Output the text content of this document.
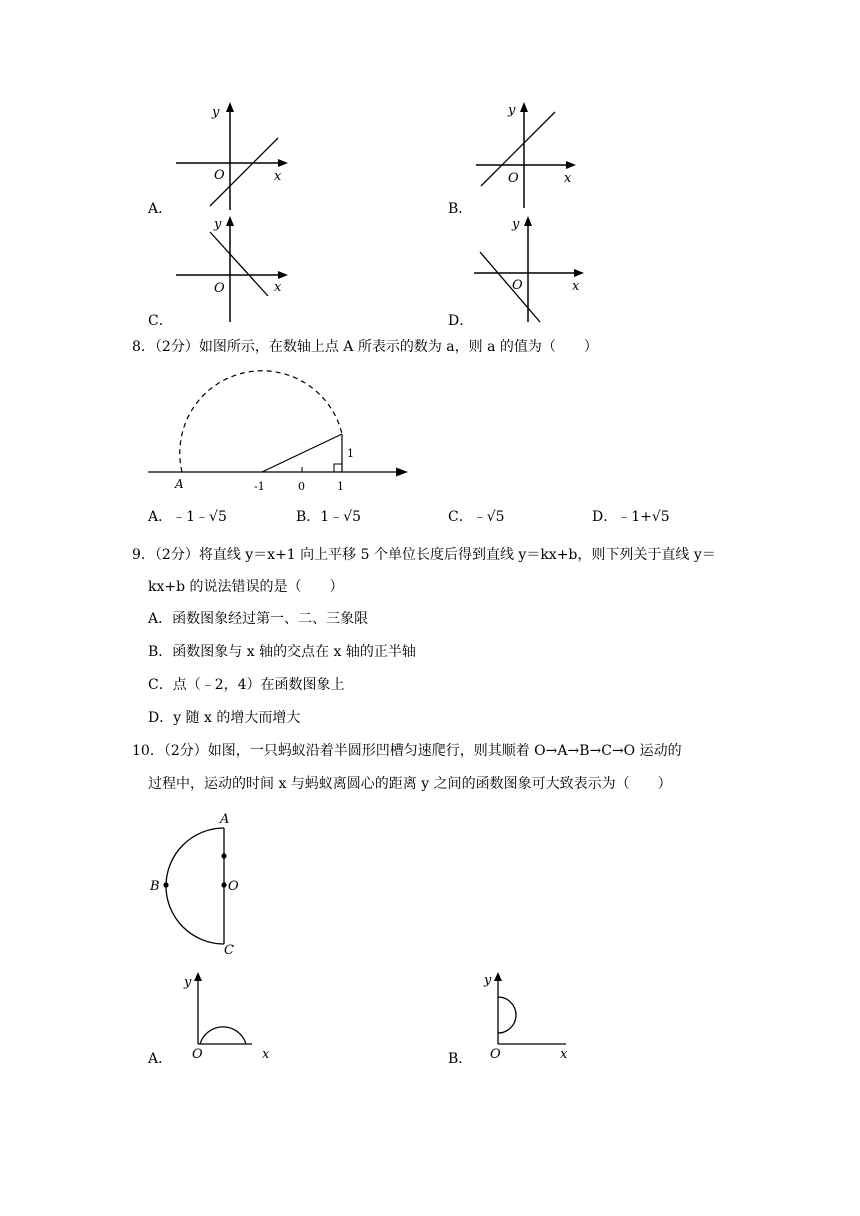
y
O	x
A．
y
O	x
B．
y
O	x
C．
y
O	x
D．
8．（2分）如图所示，在数轴上点 A 所表示的数为 a，则 a 的值为（　　）
A	-1	0	1
1
A．﹣1﹣√5	B．1﹣√5	C．﹣√5	D．﹣1+√5
9．（2分）将直线 y＝x+1 向上平移 5 个单位长度后得到直线 y＝kx+b，则下列关于直线 y＝
kx+b 的说法错误的是（　　）
A．函数图象经过第一、二、三象限
B．函数图象与 x 轴的交点在 x 轴的正半轴
C．点（﹣2，4）在函数图象上
D．y 随 x 的增大而增大
10．（2分）如图，一只蚂蚁沿着半圆形凹槽匀速爬行，则其顺着 O→A→B→C→O 运动的
过程中，运动的时间 x 与蚂蚁离圆心的距离 y 之间的函数图象可大致表示为（　　）
A
B	O
C
y
O	x
A．
y
O	x
B．
